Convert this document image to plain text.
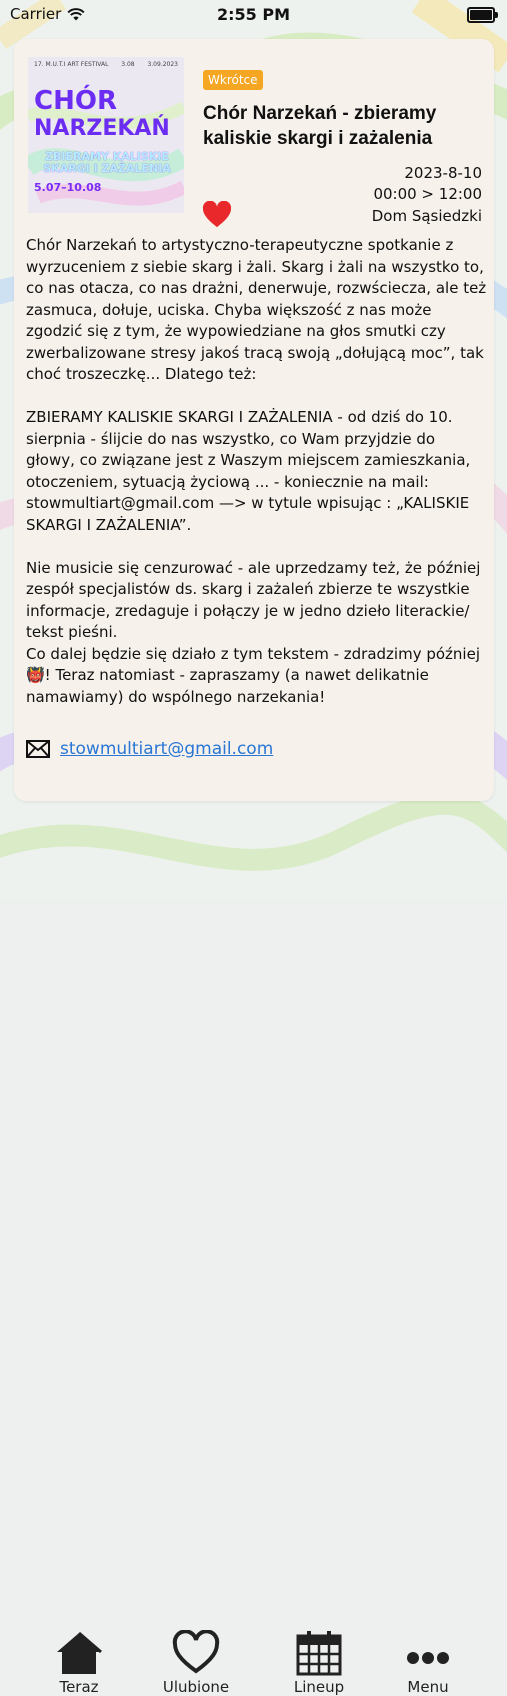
Carrier	2:55 PM
17. M.U.T.I ART FESTIVAL 3.08 3.09.2023
CHÓR
NARZEKAŃ
ZBIERAMY KALISKIE SKARGI I ZAŻALENIA
5.07–10.08
Wkrótce
Chór Narzekań - zbieramy kaliskie skargi i zażalenia
2023-8-10
00:00 > 12:00
Dom Sąsiedzki

Chór Narzekań to artystyczno-terapeutyczne spotkanie z wyrzuceniem z siebie skarg i żali. Skarg i żali na wszystko to, co nas otacza, co nas drażni, denerwuje, rozwścieczа, ale też zasmuca, dołuje, uciska. Chyba większość z nas może zgodzić się z tym, że wypowiedziane na głos smutki czy zwerbalizowane stresy jakoś tracą swoją „dołującą moc”, tak choć troszeczkę... Dlatego też:

ZBIERAMY KALISKIE SKARGI I ZAŻALENIA - od dziś do 10. sierpnia - ślijcie do nas wszystko, co Wam przyjdzie do głowy, co związane jest z Waszym miejscem zamieszkania, otoczeniem, sytuacją życiową ... - koniecznie na mail: stowmultiart@gmail.com —> w tytule wpisując : „KALISKIE SKARGI I ZAŻALENIA”.

Nie musicie się cenzurować - ale uprzedzamy też, że później zespół specjalistów ds. skarg i zażaleń zbierze te wszystkie informacje, zredaguje i połączy je w jedno dzieło literackie/ tekst pieśni.
Co dalej będzie się działo z tym tekstem - zdradzimy później 👹! Teraz natomiast - zapraszamy (a nawet delikatnie namawiamy) do wspólnego narzekania!

stowmultiart@gmail.com
Teraz	Ulubione	Lineup	Menu
